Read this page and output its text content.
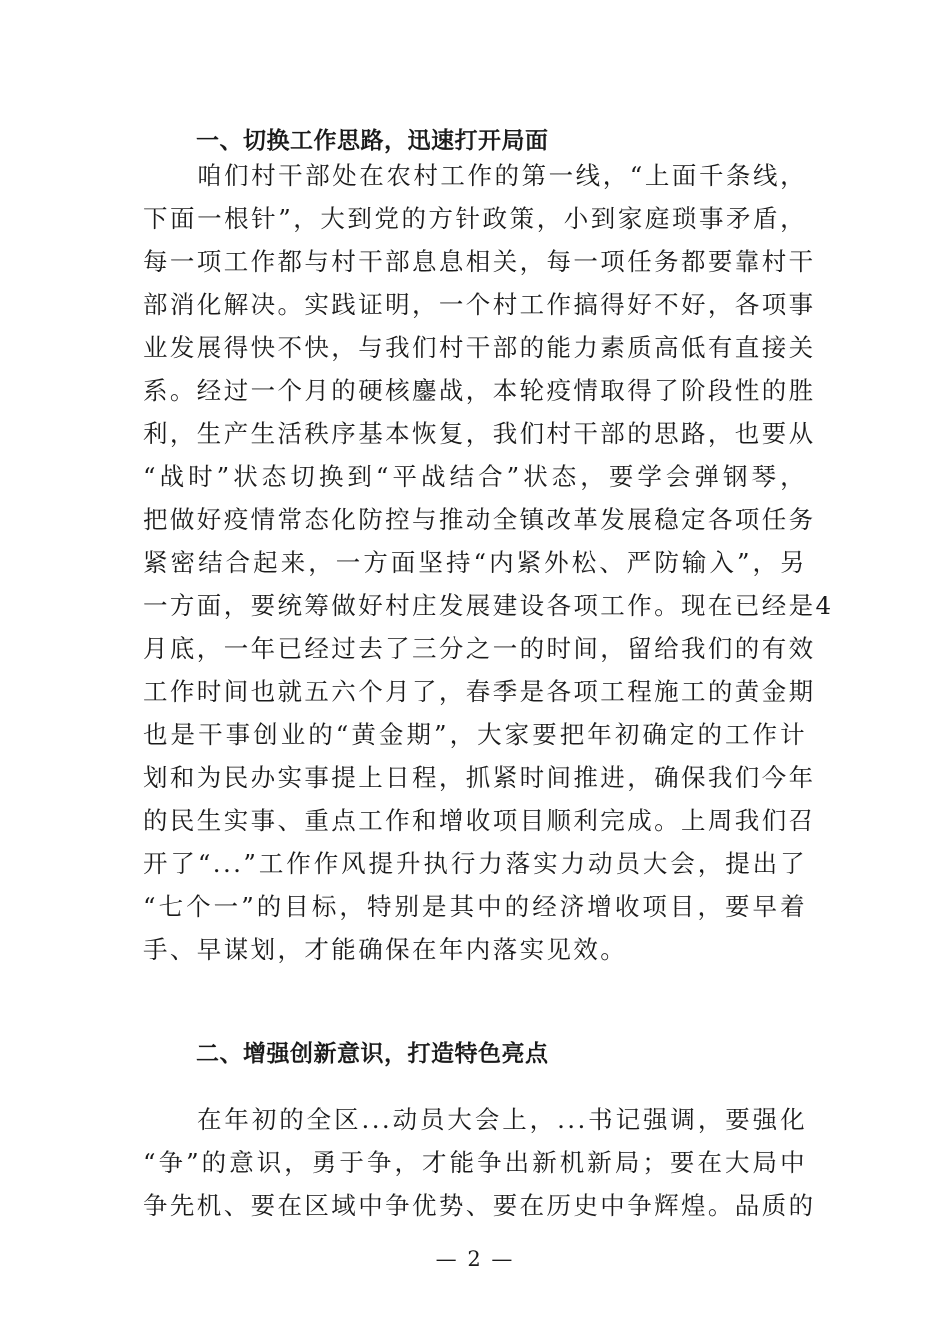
一、切换工作思路，迅速打开局面
咱们村干部处在农村工作的第一线，“上面千条线，
下面一根针”，大到党的方针政策，小到家庭琐事矛盾，
每一项工作都与村干部息息相关，每一项任务都要靠村干
部消化解决。实践证明，一个村工作搞得好不好，各项事
业发展得快不快，与我们村干部的能力素质高低有直接关
系。经过一个月的硬核鏖战，本轮疫情取得了阶段性的胜
利，生产生活秩序基本恢复，我们村干部的思路，也要从
“战时”状态切换到“平战结合”状态，要学会弹钢琴，
把做好疫情常态化防控与推动全镇改革发展稳定各项任务
紧密结合起来，一方面坚持“内紧外松、严防输入”，另
一方面，要统筹做好村庄发展建设各项工作。现在已经是4
月底，一年已经过去了三分之一的时间，留给我们的有效
工作时间也就五六个月了，春季是各项工程施工的黄金期
也是干事创业的“黄金期”，大家要把年初确定的工作计
划和为民办实事提上日程，抓紧时间推进，确保我们今年
的民生实事、重点工作和增收项目顺利完成。上周我们召
开了“...”工作作风提升执行力落实力动员大会，提出了
“七个一”的目标，特别是其中的经济增收项目，要早着
手、早谋划，才能确保在年内落实见效。
二、增强创新意识，打造特色亮点
在年初的全区...动员大会上，...书记强调，要强化
“争”的意识，勇于争，才能争出新机新局；要在大局中
争先机、要在区域中争优势、要在历史中争辉煌。品质的
— 2 —
